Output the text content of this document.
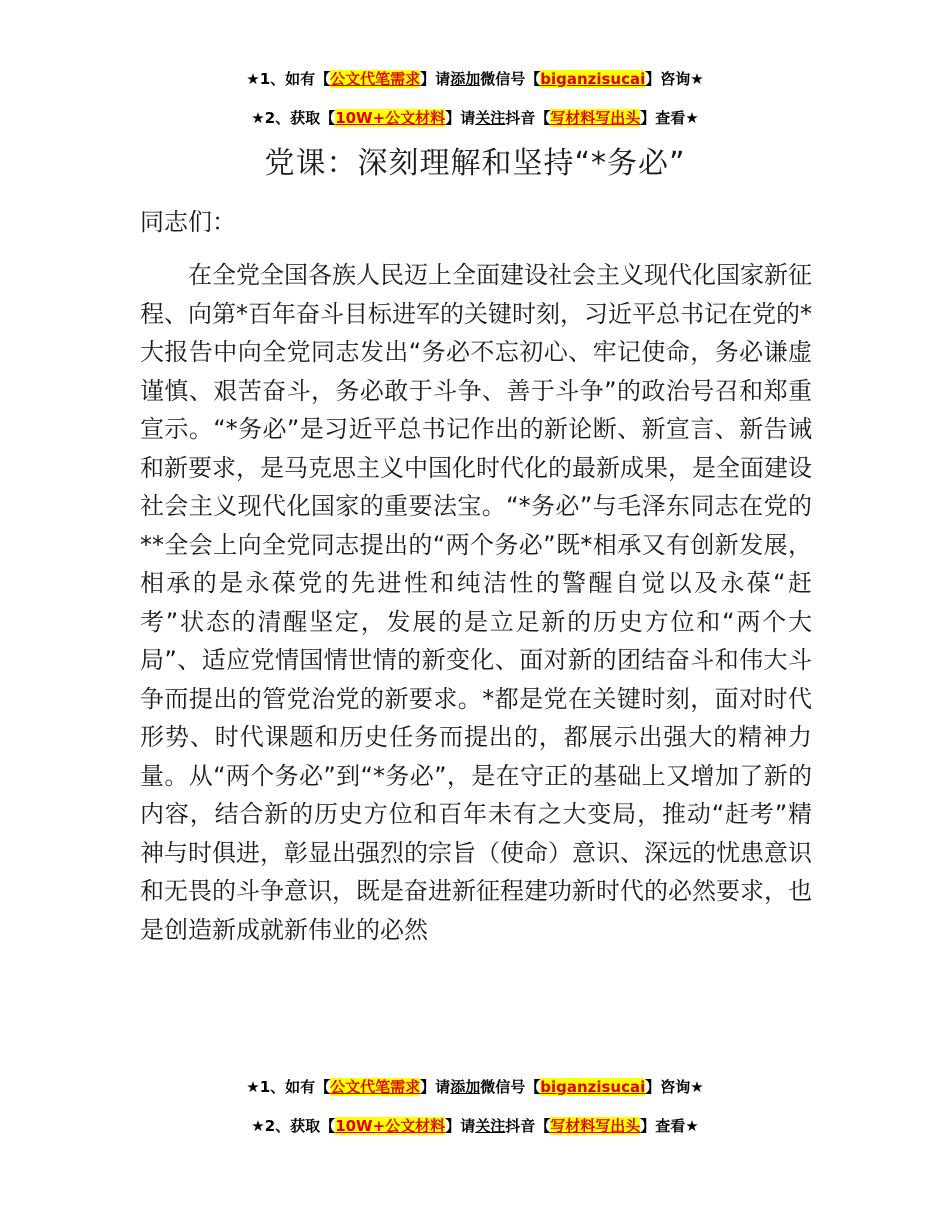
★1、如有【公文代笔需求】请添加微信号【biganzisucai】咨询★
★2、获取【10W+公文材料】请关注抖音【写材料写出头】查看★
党课：深刻理解和坚持“*务必”
同志们：

在全党全国各族人民迈上全面建设社会主义现代化国家新征程、向第*百年奋斗目标进军的关键时刻，习近平总书记在党的*大报告中向全党同志发出“务必不忘初心、牢记使命，务必谦虚谨慎、艰苦奋斗，务必敢于斗争、善于斗争”的政治号召和郑重宣示。“*务必”是习近平总书记作出的新论断、新宣言、新告诫和新要求，是马克思主义中国化时代化的最新成果，是全面建设社会主义现代化国家的重要法宝。“*务必”与毛泽东同志在党的**全会上向全党同志提出的“两个务必”既*相承又有创新发展，相承的是永葆党的先进性和纯洁性的警醒自觉以及永葆“赶考”状态的清醒坚定，发展的是立足新的历史方位和“两个大局”、适应党情国情世情的新变化、面对新的团结奋斗和伟大斗争而提出的管党治党的新要求。*都是党在关键时刻，面对时代形势、时代课题和历史任务而提出的，都展示出强大的精神力量。从“两个务必”到“*务必”，是在守正的基础上又增加了新的内容，结合新的历史方位和百年未有之大变局，推动“赶考”精神与时俱进，彰显出强烈的宗旨（使命）意识、深远的忧患意识和无畏的斗争意识，既是奋进新征程建功新时代的必然要求，也是创造新成就新伟业的必然

★1、如有【公文代笔需求】请添加微信号【biganzisucai】咨询★
★2、获取【10W+公文材料】请关注抖音【写材料写出头】查看★
